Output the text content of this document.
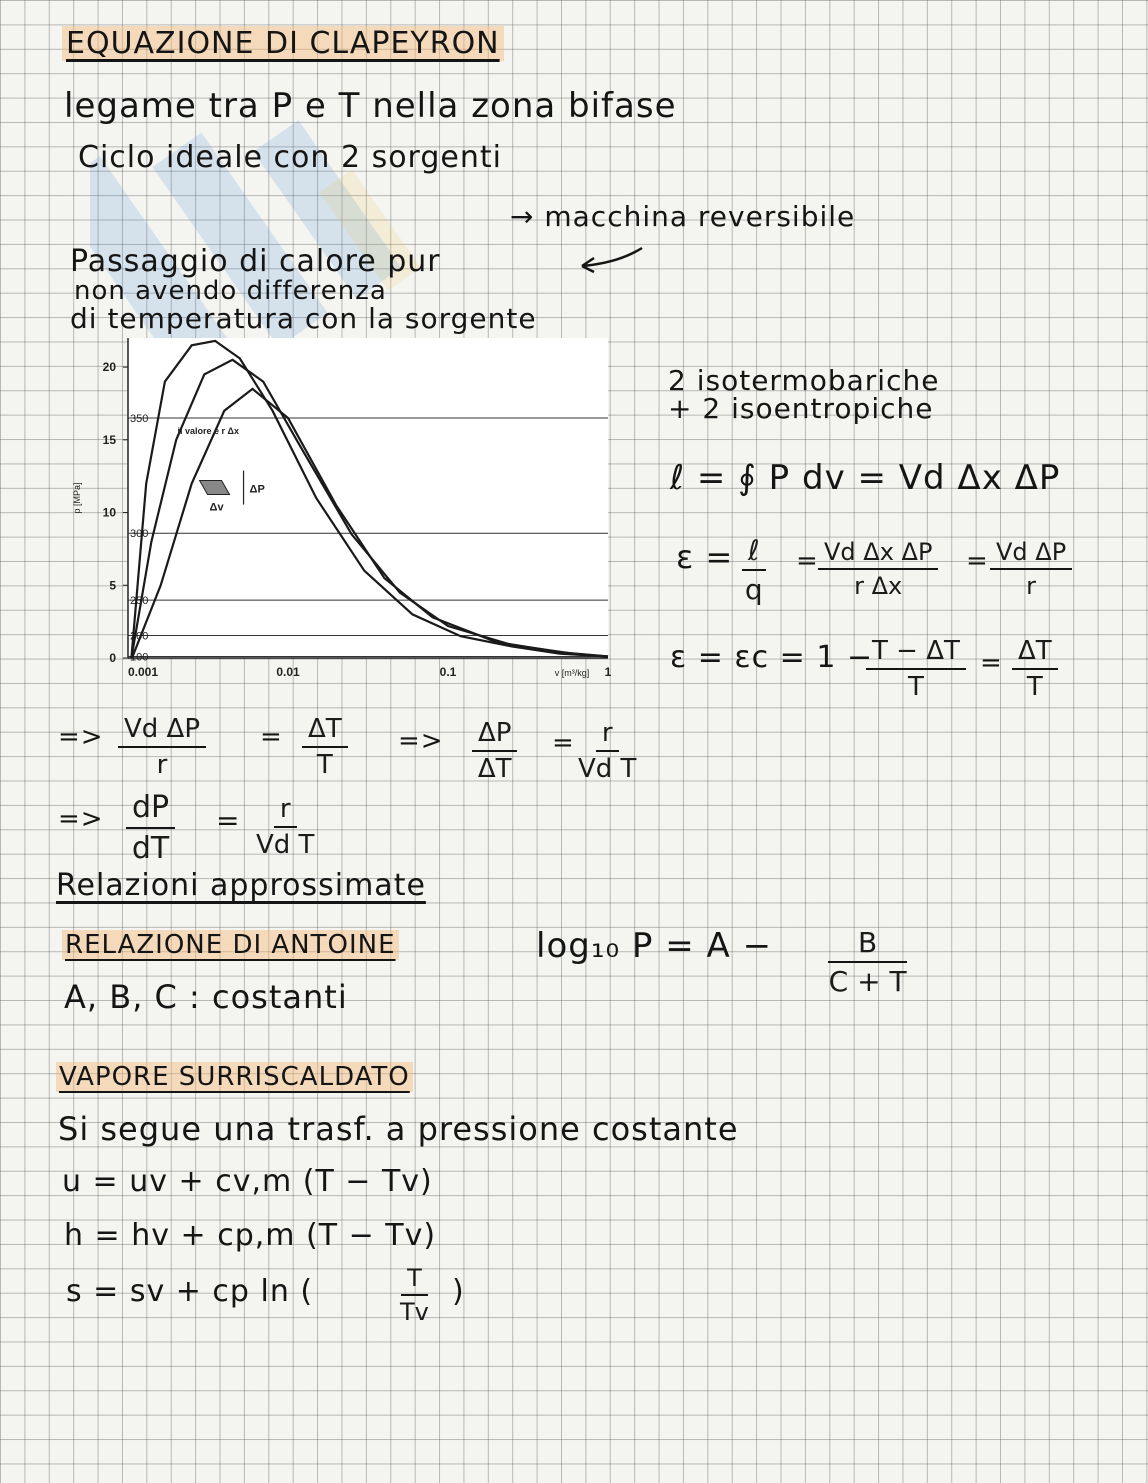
EQUAZIONE DI CLAPEYRON
legame tra P e T nella zona bifase
Ciclo ideale con 2 sorgenti
→ macchina reversibile
Passaggio di calore pur
non avendo differenza
di temperatura con la sorgente
100
200
250
300
350
0
5
10
15
20
0.001	0.01	0.1	1
v [m³/kg]
p [MPa]
il valore è r Δx
Δv
ΔP
2 isotermobariche
+ 2 isoentropiche
ℓ = ∮ P dv = Vd Δx ΔP
ε = ℓ
q
= $\frac{\text{Vd Δx ΔP}}{\text{r Δx}} = \frac{\text{Vd ΔP}}{r}$
ε = εc = 1 −
$\frac{T - \Delta T}{T} = \frac{\Delta T}{T}$
=> $\frac{\text{Vd ΔP}}{r} = \frac{\Delta T}{T} => \frac{\Delta P}{\Delta T} = \frac{r}{\text{Vd T}}$
=> $\frac{dP}{dT} = \frac{r}{\text{Vd T}}$
Relazioni approssimate
RELAZIONE DI ANTOINE	log₁₀ $P = A - \frac{B}{C + T}$
A, B, C : costanti
VAPORE SURRISCALDATO
Si segue una trasf. a pressione costante
u = uv + cv,m (T − Tv)
h = hv + cp,m (T − Tv)
s = sv + cp ln (	$\frac{T}{Tv}$ )
